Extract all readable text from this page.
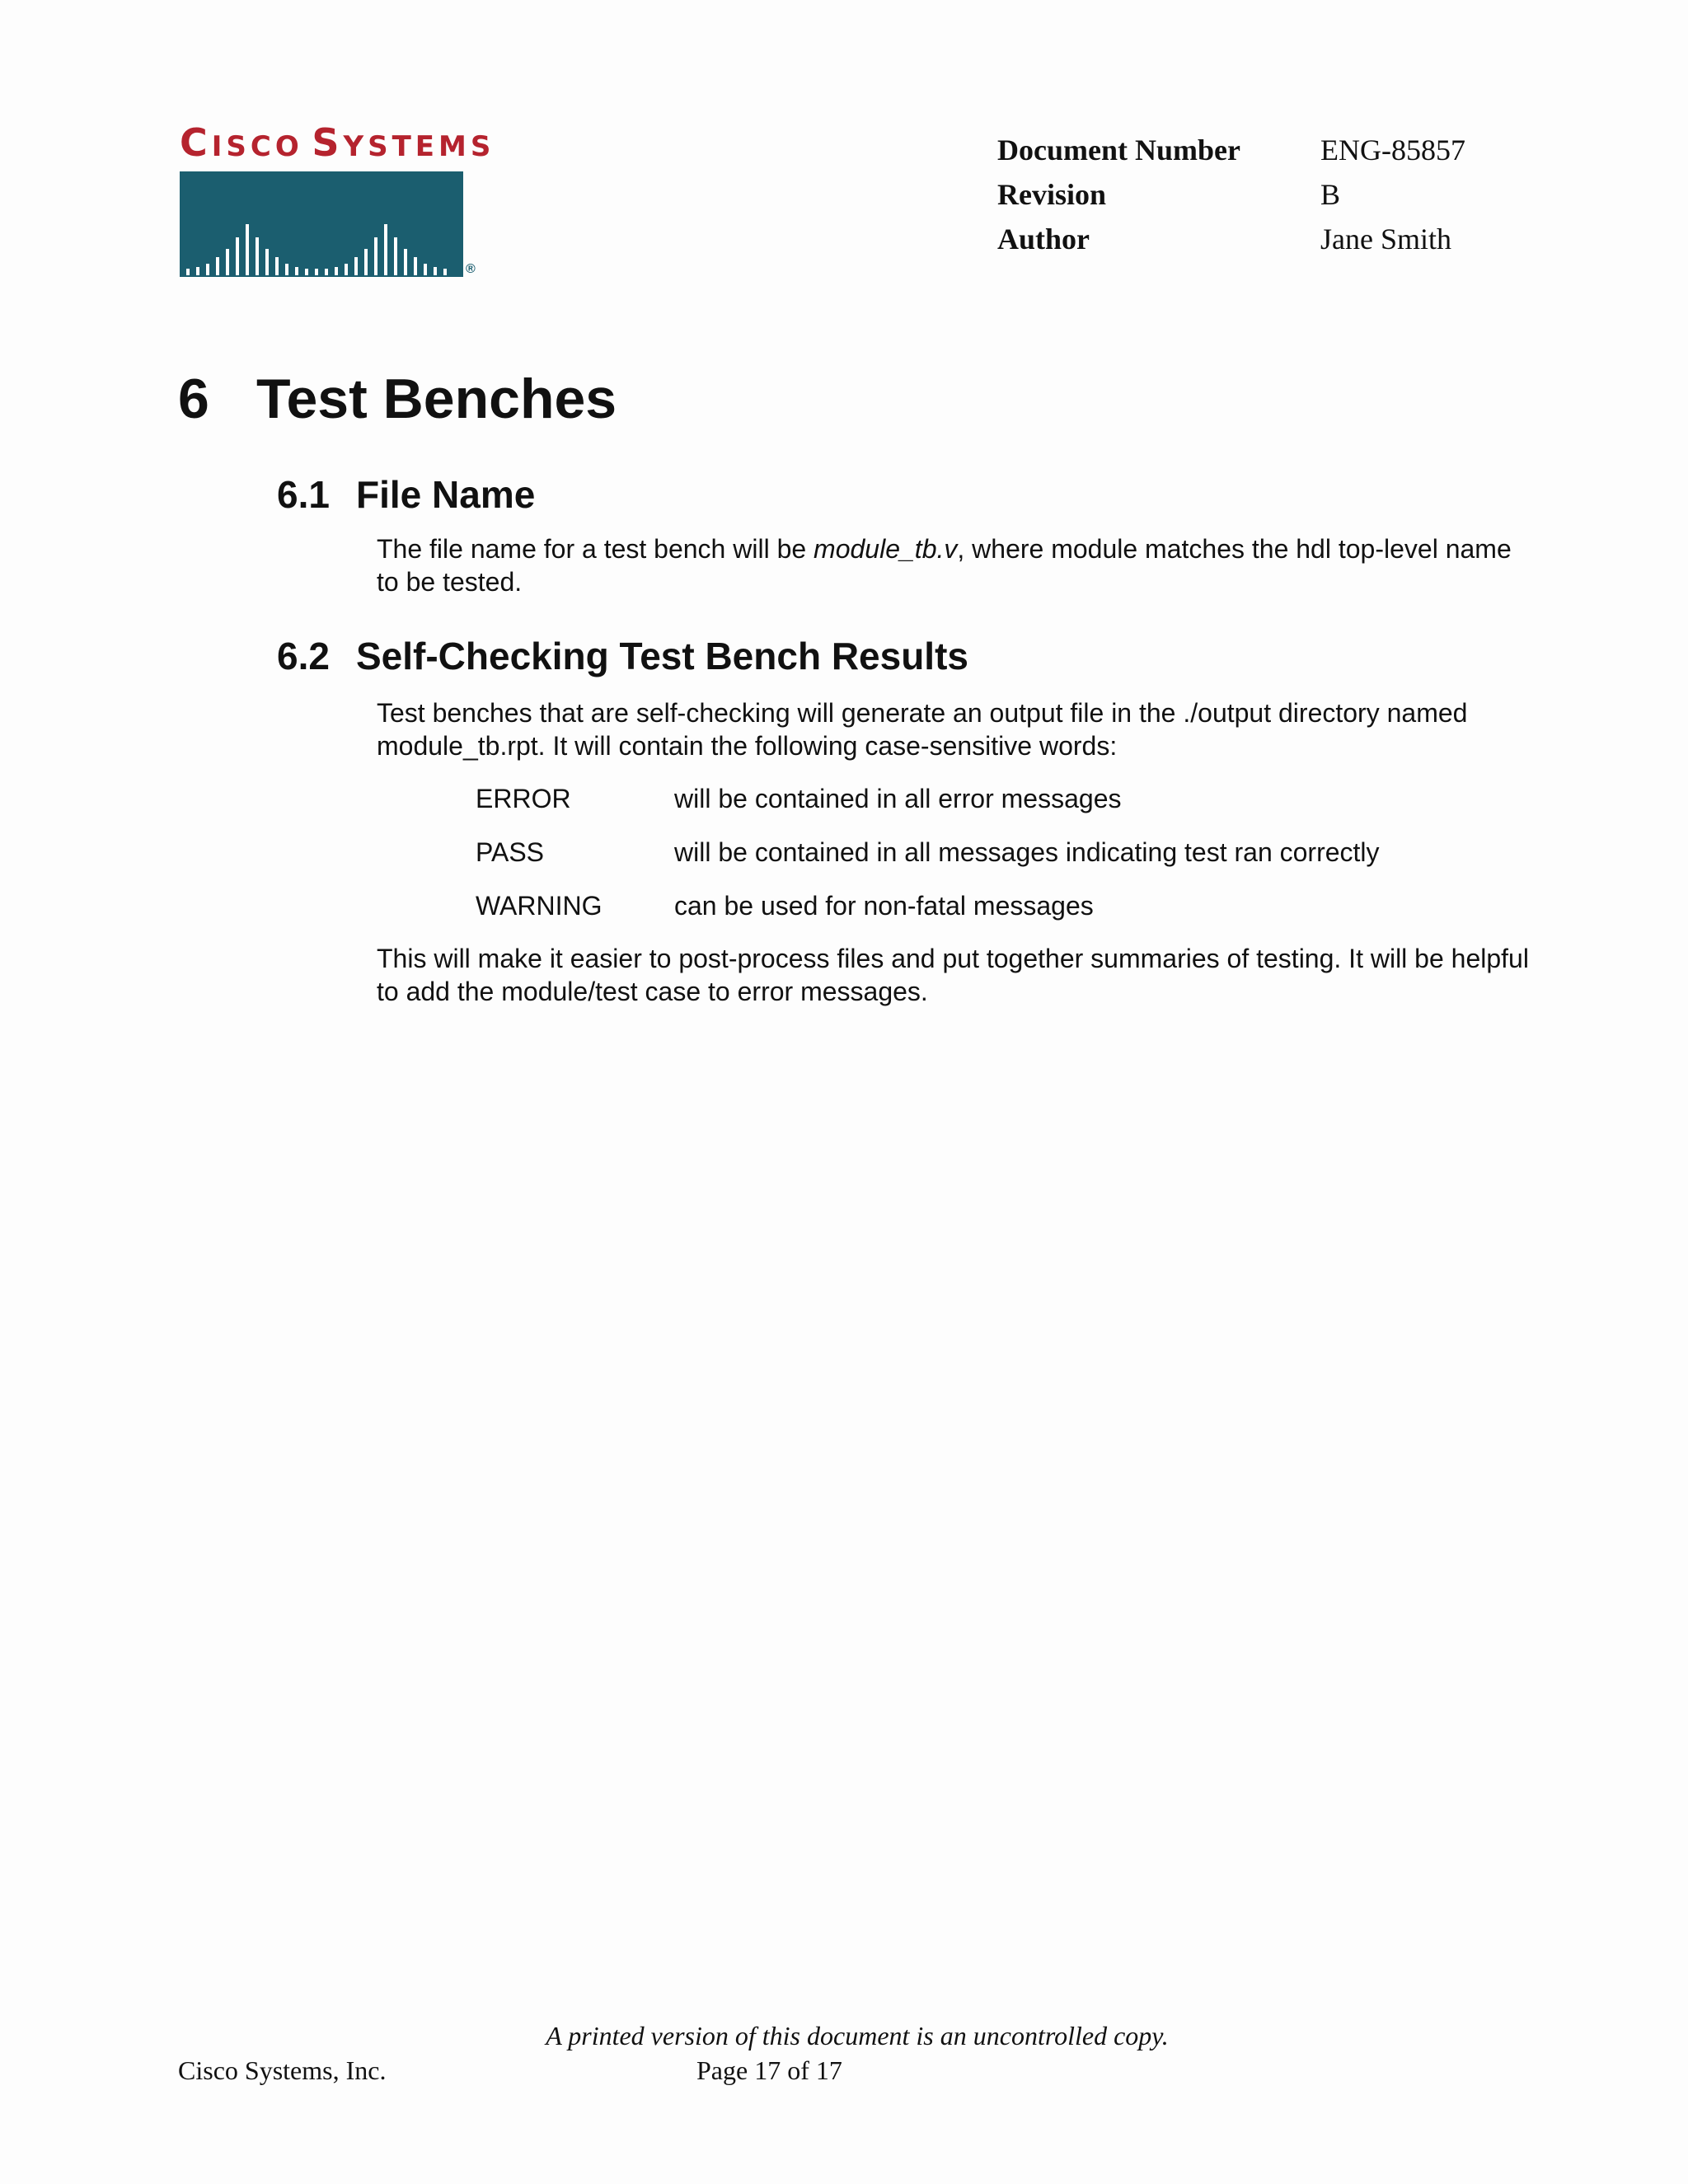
CISCO SYSTEMS
®
Document Number	ENG-85857
Revision	B
Author	Jane Smith
6 Test Benches
6.1 File Name

The file name for a test bench will be module_tb.v, where module matches the hdl top-level name to be tested.

6.2 Self-Checking Test Bench Results

Test benches that are self-checking will generate an output file in the ./output directory named module_tb.rpt. It will contain the following case-sensitive words:

ERROR	will be contained in all error messages
PASS	will be contained in all messages indicating test ran correctly
WARNING	can be used for non-fatal messages

This will make it easier to post-process files and put together summaries of testing. It will be helpful to add the module/test case to error messages.

A printed version of this document is an uncontrolled copy.
Cisco Systems, Inc.	Page 17 of 17
